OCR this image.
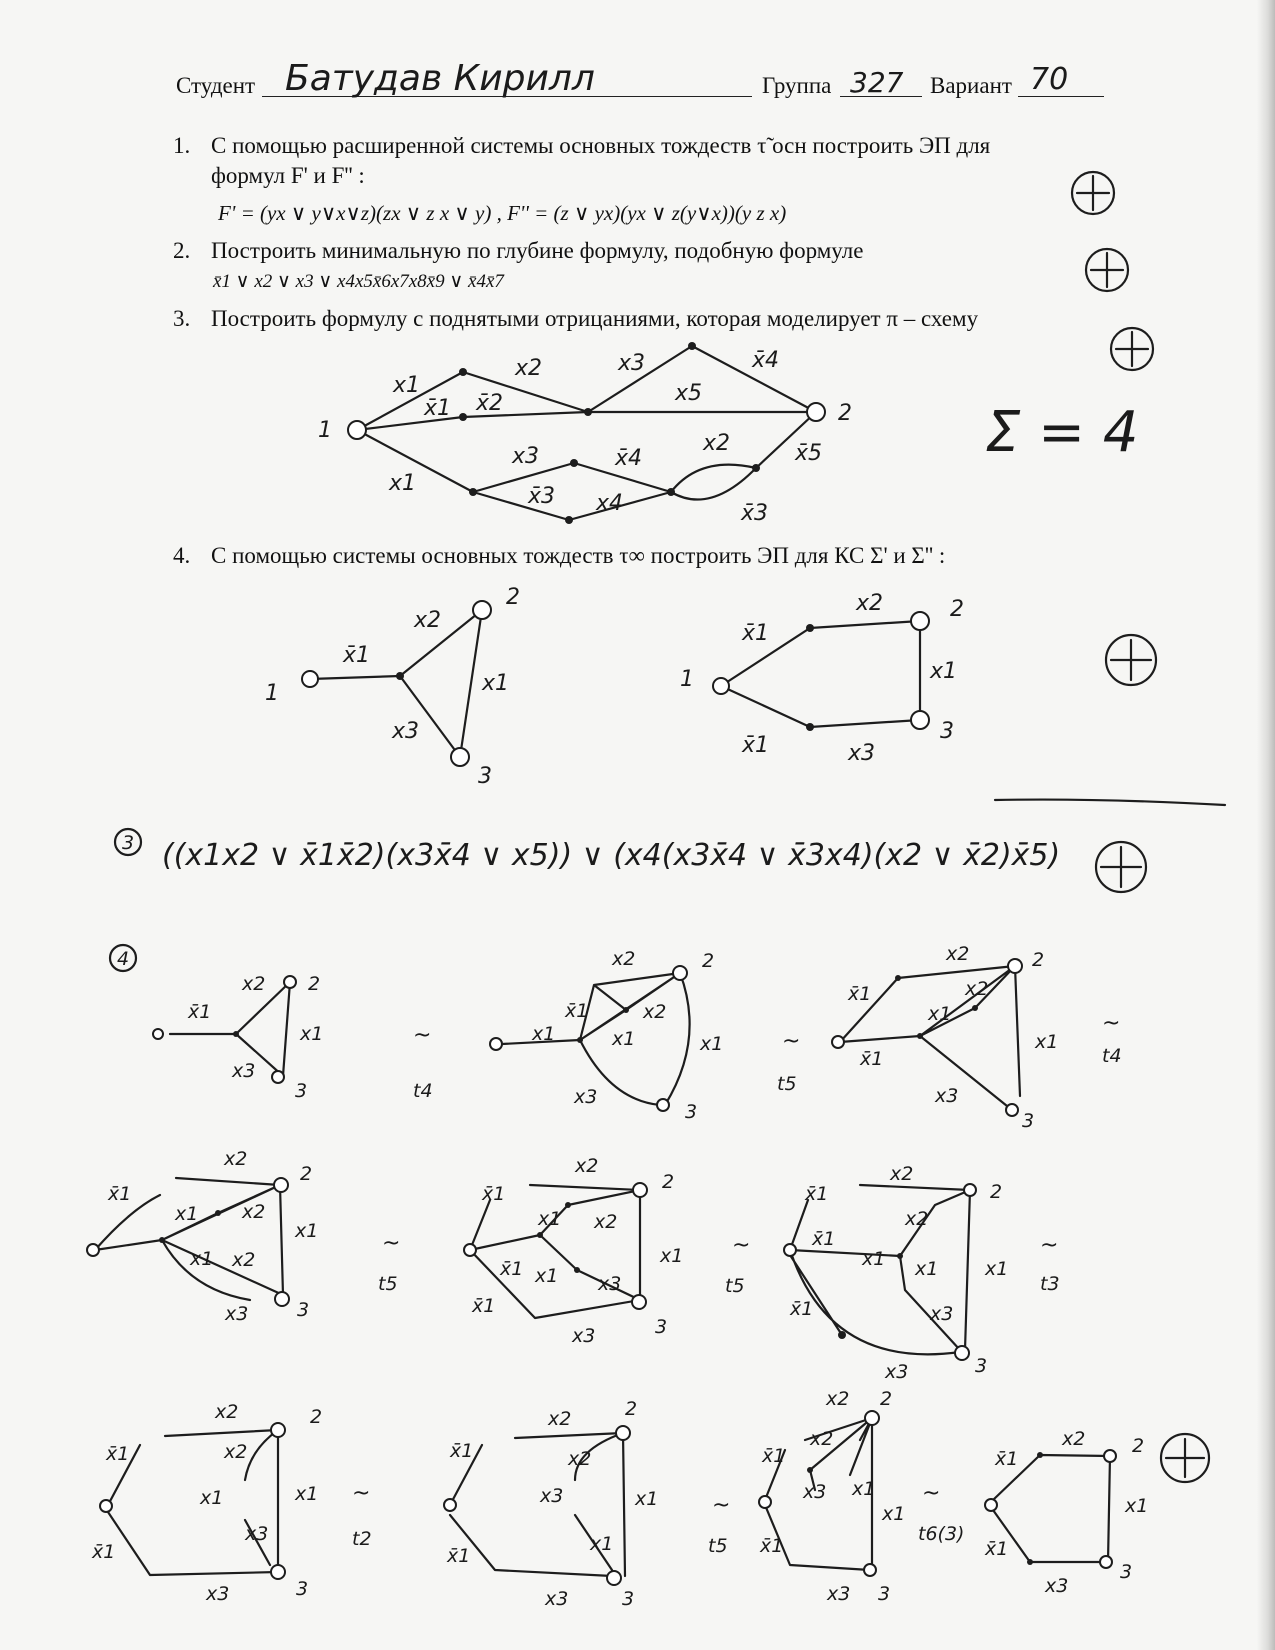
Студент Батудав Кирилл	Группа 327 Вариант 70
1. С помощью расширенной системы основных тождеств τ̃ осн построить ЭП для
формул F' и F'' :
F' = (yx ∨ y∨x∨z)(zx ∨ z x ∨ y) , F'' = (z ∨ yx)(yx ∨ z(y∨x))(y z x)
2. Построить минимальную по глубине формулу, подобную формуле
x̄1 ∨ x2 ∨ x3 ∨ x4x5x̄6x7x8x̄9 ∨ x̄4x̄7
3. Построить формулу с поднятыми отрицаниями, которая моделирует π – схему
Σ = 4
4. С помощью системы основных тождеств τ∞ построить ЭП для КС Σ' и Σ'' :
((x1x2 ∨ x̄1x̄2)(x3x̄4 ∨ x5)) ∨ (x4(x3x̄4 ∨ x̄3x4)(x2 ∨ x̄2)x̄5)
1
2
x1
x̄1
x2
x̄2
x3	x̄4
x5
x1
x3
x̄3
x̄4
x4
x2
x̄3
x̄5
1
2
3
x̄1
x2
x1
x3
1
2
3
x̄1
x2
x1
x̄1	x3
3
4
x̄1
x2
x1
x3
2
3
~
t4
x1
x̄1
x2
x2
x1	x1
x3
2
3
~
t5
x̄1
x2
x2
x1
x̄1
x1
x3
2
3
~
t4
x̄1
x2
x1 x2
x1 x2
x1
x3
2
3
~
t5
x̄1
x2
x1 x2
x̄1 x1 x3
x̄1
x1
x3
2
3
~
t5
x̄1
x2
x2
x̄1
x1 x1
x3
x̄1
x1
x3
2
3
~
t3
x̄1
x2
x2
x1
x3
x1
x̄1
x3
2
3
~
t2
x̄1
x2
x2
x3
x1
x1
x̄1
x3
2
3
~
t5
x̄1
x2
x2
x1
x3
x1
x̄1
x3
2
3
~
t6(3)
x̄1
x2
x1
x̄1
x3
2
3
